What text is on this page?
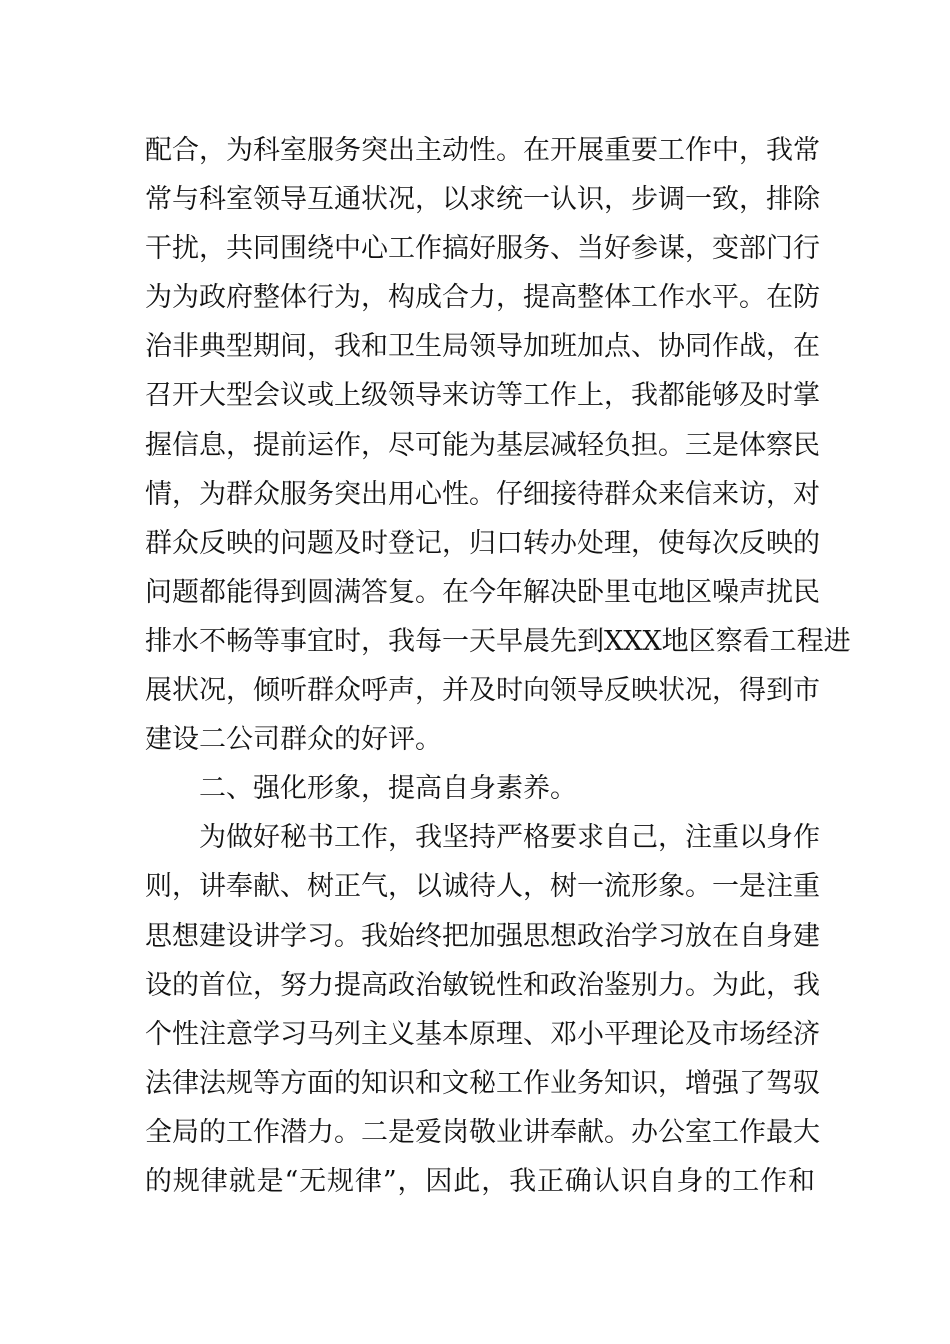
配合，为科室服务突出主动性。在开展重要工作中，我常
常与科室领导互通状况，以求统一认识，步调一致，排除
干扰，共同围绕中心工作搞好服务、当好参谋，变部门行
为为政府整体行为，构成合力，提高整体工作水平。在防
治非典型期间，我和卫生局领导加班加点、协同作战，在
召开大型会议或上级领导来访等工作上，我都能够及时掌
握信息，提前运作，尽可能为基层减轻负担。三是体察民
情，为群众服务突出用心性。仔细接待群众来信来访，对
群众反映的问题及时登记，归口转办处理，使每次反映的
问题都能得到圆满答复。在今年解决卧里屯地区噪声扰民
排水不畅等事宜时，我每一天早晨先到XXX地区察看工程进
展状况，倾听群众呼声，并及时向领导反映状况，得到市
建设二公司群众的好评。
二、强化形象，提高自身素养。
为做好秘书工作，我坚持严格要求自己，注重以身作
则，讲奉献、树正气，以诚待人，树一流形象。一是注重
思想建设讲学习。我始终把加强思想政治学习放在自身建
设的首位，努力提高政治敏锐性和政治鉴别力。为此，我
个性注意学习马列主义基本原理、邓小平理论及市场经济
法律法规等方面的知识和文秘工作业务知识，增强了驾驭
全局的工作潜力。二是爱岗敬业讲奉献。办公室工作最大
的规律就是“无规律”，因此，我正确认识自身的工作和
